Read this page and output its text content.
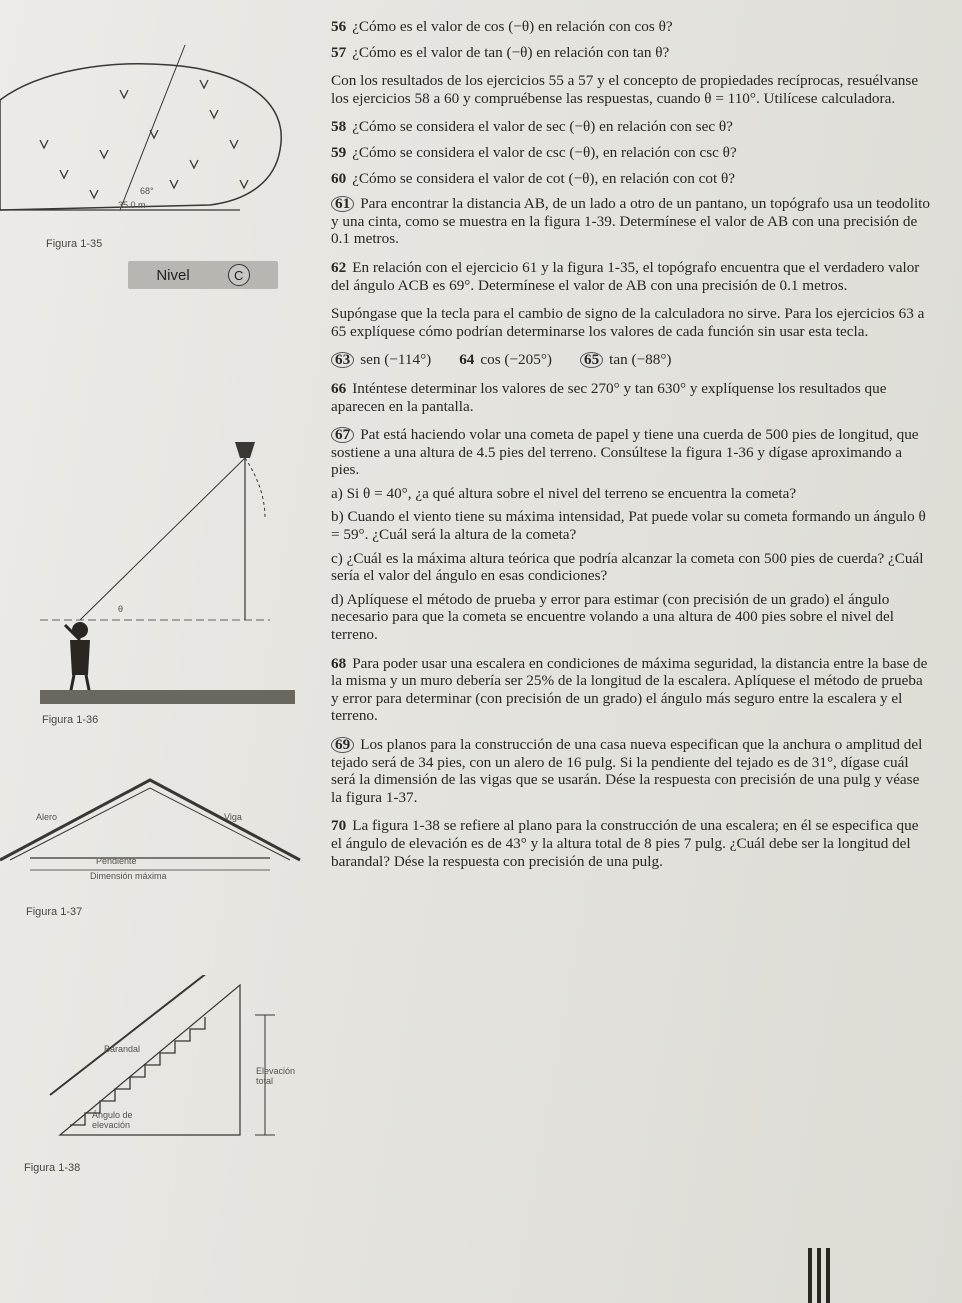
68°
35.0 m
Figura 1-35
Nivel	C
θ
Figura 1-36
Alero	Viga
Pendiente
Dimensión máxima
Figura 1-37
Barandal
Elevación total
Ángulo de elevación
Figura 1-38

56 ¿Cómo es el valor de cos (−θ) en relación con cos θ?

57 ¿Cómo es el valor de tan (−θ) en relación con tan θ?

Con los resultados de los ejercicios 55 a 57 y el concepto de propiedades recíprocas, resuélvanse los ejercicios 58 a 60 y compruébense las respuestas, cuando θ = 110°. Utilícese calculadora.

58 ¿Cómo se considera el valor de sec (−θ) en relación con sec θ?

59 ¿Cómo se considera el valor de csc (−θ), en relación con csc θ?

60 ¿Cómo se considera el valor de cot (−θ), en relación con cot θ?

61 Para encontrar la distancia AB, de un lado a otro de un pantano, un topógrafo usa un teodolito y una cinta, como se muestra en la figura 1-39. Determínese el valor de AB con una precisión de 0.1 metros.

62 En relación con el ejercicio 61 y la figura 1-35, el topógrafo encuentra que el verdadero valor del ángulo ACB es 69°. Determínese el valor de AB con una precisión de 0.1 metros.

Supóngase que la tecla para el cambio de signo de la calculadora no sirve. Para los ejercicios 63 a 65 explíquese cómo podrían determinarse los valores de cada función sin usar esta tecla.

63 sen (−114°) 64 cos (−205°) 65 tan (−88°)

66 Inténtese determinar los valores de sec 270° y tan 630° y explíquense los resultados que aparecen en la pantalla.

67 Pat está haciendo volar una cometa de papel y tiene una cuerda de 500 pies de longitud, que sostiene a una altura de 4.5 pies del terreno. Consúltese la figura 1-36 y dígase aproximando a pies.

a) Si θ = 40°, ¿a qué altura sobre el nivel del terreno se encuentra la cometa?

b) Cuando el viento tiene su máxima intensidad, Pat puede volar su cometa formando un ángulo θ = 59°. ¿Cuál será la altura de la cometa?

c) ¿Cuál es la máxima altura teórica que podría alcanzar la cometa con 500 pies de cuerda? ¿Cuál sería el valor del ángulo en esas condiciones?

d) Aplíquese el método de prueba y error para estimar (con precisión de un grado) el ángulo necesario para que la cometa se encuentre volando a una altura de 400 pies sobre el nivel del terreno.

68 Para poder usar una escalera en condiciones de máxima seguridad, la distancia entre la base de la misma y un muro debería ser 25% de la longitud de la escalera. Aplíquese el método de prueba y error para determinar (con precisión de un grado) el ángulo más seguro entre la escalera y el terreno.

69 Los planos para la construcción de una casa nueva especifican que la anchura o amplitud del tejado será de 34 pies, con un alero de 16 pulg. Si la pendiente del tejado es de 31°, dígase cuál será la dimensión de las vigas que se usarán. Dése la respuesta con precisión de una pulg y véase la figura 1-37.

70 La figura 1-38 se refiere al plano para la construcción de una escalera; en él se especifica que el ángulo de elevación es de 43° y la altura total de 8 pies 7 pulg. ¿Cuál debe ser la longitud del barandal? Dése la respuesta con precisión de una pulg.
